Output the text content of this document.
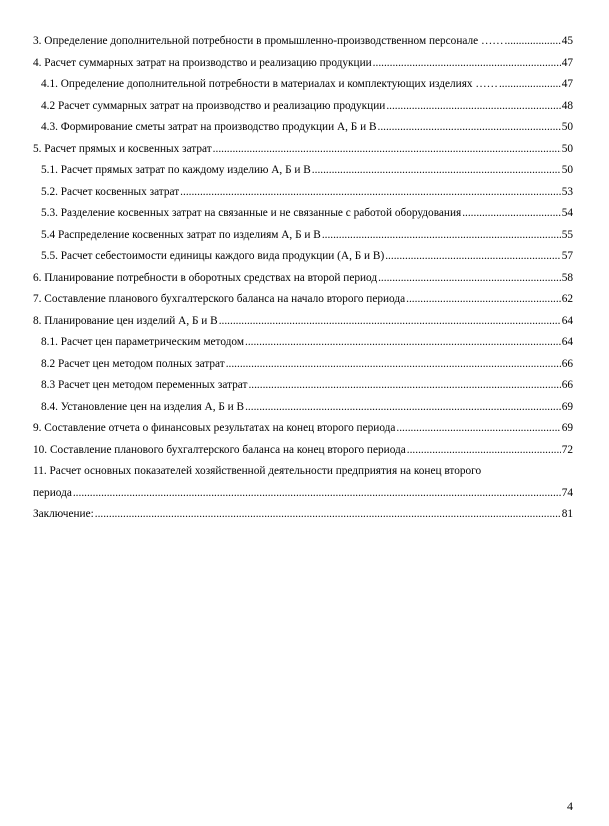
3. Определение дополнительной потребности в промышленно-производственном персонале …… .....	45
4. Расчет суммарных затрат на производство и реализацию продукции .....	47
4.1. Определение дополнительной потребности в материалах и комплектующих изделиях …… .....	47
4.2 Расчет суммарных затрат на производство и реализацию продукции .....	48
4.3. Формирование сметы затрат на производство продукции А, Б и В .....	50
5. Расчет прямых и косвенных затрат .....	50
5.1. Расчет прямых затрат по каждому изделию А, Б и В .....	50
5.2. Расчет косвенных затрат .....	53
5.3. Разделение косвенных затрат на связанные и не связанные с работой оборудования .....	54
5.4 Распределение косвенных затрат по изделиям А, Б и В .....	55
5.5. Расчет себестоимости единицы каждого вида продукции (А, Б и В) .....	57
6. Планирование потребности в оборотных средствах на второй период .....	58
7. Составление планового бухгалтерского баланса на начало второго периода .....	62
8. Планирование цен изделий А, Б и В .....	64
8.1. Расчет цен параметрическим методом .....	64
8.2 Расчет цен методом полных затрат .....	66
8.3 Расчет цен методом переменных затрат .....	66
8.4. Установление цен на изделия А, Б и В .....	69
9. Составление отчета о финансовых результатах на конец второго периода .....	69
10. Составление планового бухгалтерского баланса на конец второго периода .....	72
11. Расчет основных показателей хозяйственной деятельности предприятия на конец второго
периода .....	74
Заключение: .....	81
4
